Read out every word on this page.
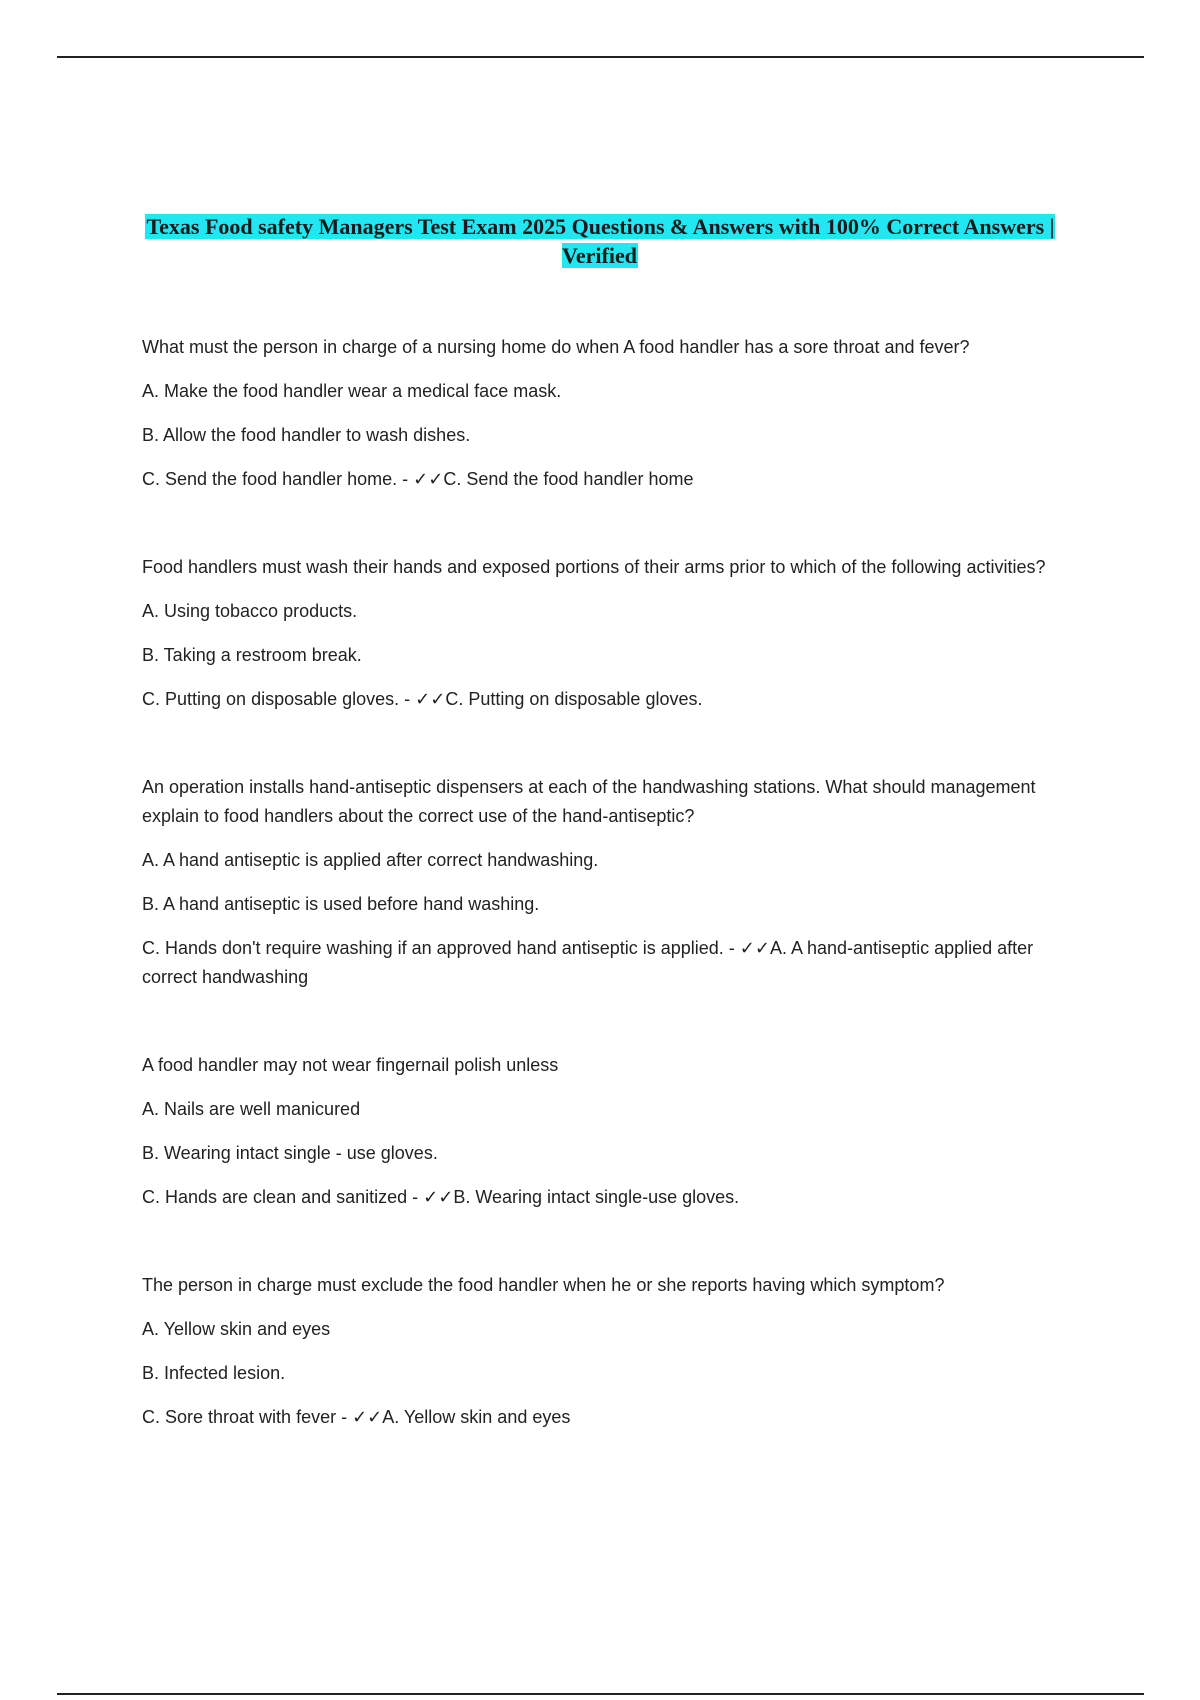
Texas Food safety Managers Test Exam 2025 Questions & Answers with 100% Correct Answers | Verified

What must the person in charge of a nursing home do when A food handler has a sore throat and fever?

A. Make the food handler wear a medical face mask.

B. Allow the food handler to wash dishes.

C. Send the food handler home. - ✓✓C. Send the food handler home

Food handlers must wash their hands and exposed portions of their arms prior to which of the following activities?

A. Using tobacco products.

B. Taking a restroom break.

C. Putting on disposable gloves. - ✓✓C. Putting on disposable gloves.

An operation installs hand-antiseptic dispensers at each of the handwashing stations. What should management explain to food handlers about the correct use of the hand-antiseptic?

A. A hand antiseptic is applied after correct handwashing.

B. A hand antiseptic is used before hand washing.

C. Hands don't require washing if an approved hand antiseptic is applied. - ✓✓A. A hand-antiseptic applied after correct handwashing

A food handler may not wear fingernail polish unless

A. Nails are well manicured

B. Wearing intact single - use gloves.

C. Hands are clean and sanitized - ✓✓B. Wearing intact single-use gloves.

The person in charge must exclude the food handler when he or she reports having which symptom?

A. Yellow skin and eyes

B. Infected lesion.

C. Sore throat with fever - ✓✓A. Yellow skin and eyes
